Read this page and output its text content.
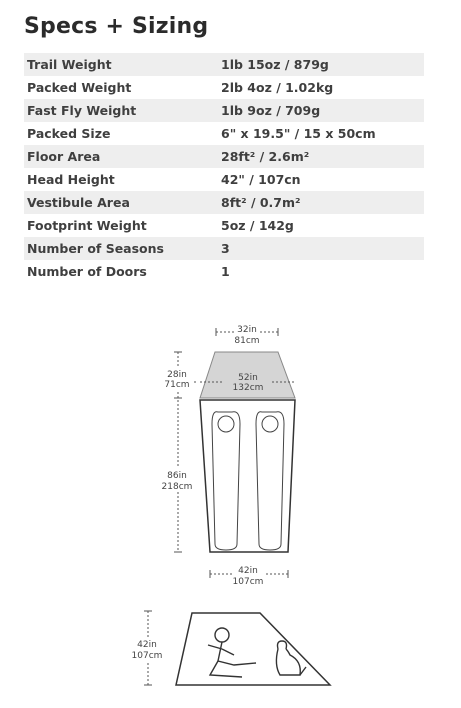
Specs + Sizing
Trail Weight	1lb 15oz / 879g
Packed Weight	2lb 4oz / 1.02kg
Fast Fly Weight	1lb 9oz / 709g
Packed Size	6" x 19.5" / 15 x 50cm
Floor Area	28ft² / 2.6m²
Head Height	42" / 107cn
Vestibule Area	8ft² / 0.7m²
Footprint Weight	5oz / 142g
Number of Seasons	3
Number of Doors	1
32in
81cm
52in
132cm
28in
71cm
86in
218cm
42in
107cm
42in
107cm
